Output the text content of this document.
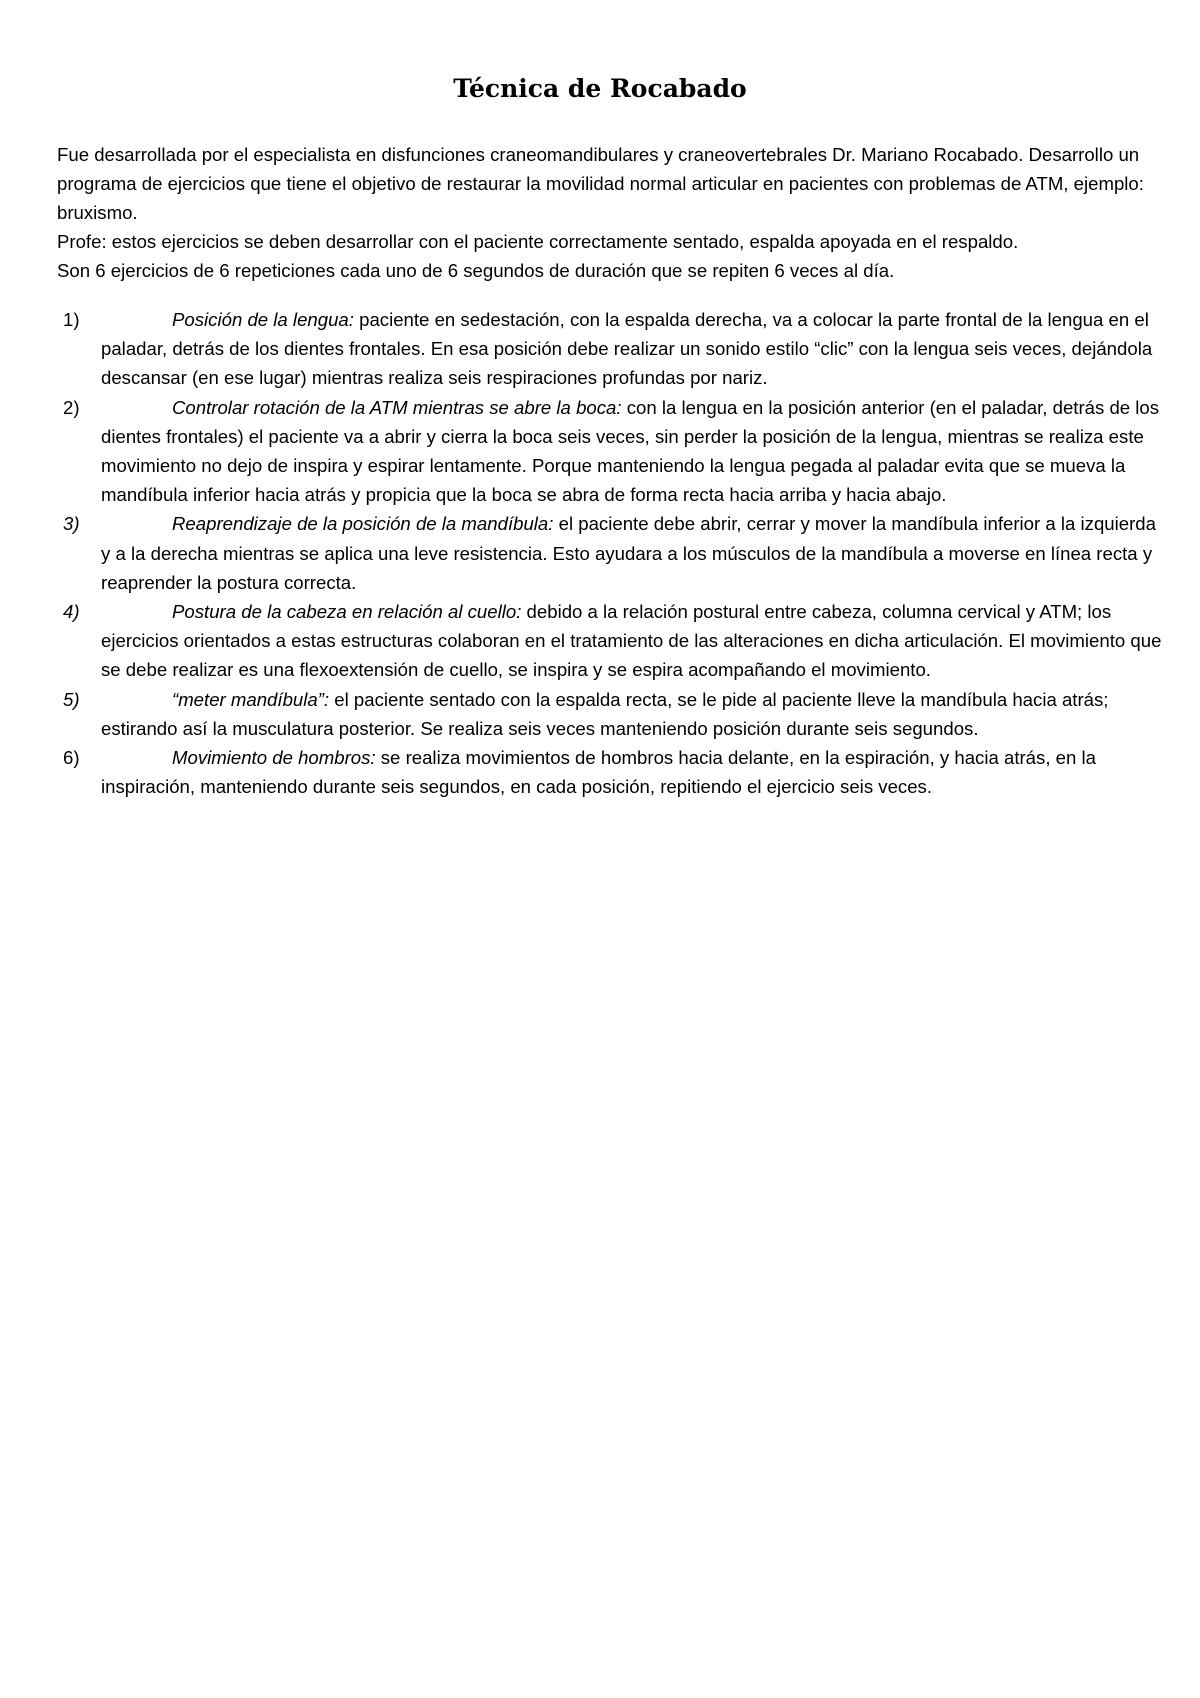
Técnica de Rocabado

Fue desarrollada por el especialista en disfunciones craneomandibulares y craneovertebrales Dr. Mariano Rocabado. Desarrollo un programa de ejercicios que tiene el objetivo de restaurar la movilidad normal articular en pacientes con problemas de ATM, ejemplo: bruxismo.

Profe: estos ejercicios se deben desarrollar con el paciente correctamente sentado, espalda apoyada en el respaldo.

Son 6 ejercicios de 6 repeticiones cada uno de 6 segundos de duración que se repiten 6 veces al día.

1)	Posición de la lengua: paciente en sedestación, con la espalda derecha, va a colocar la parte frontal de la lengua en el paladar, detrás de los dientes frontales. En esa posición debe realizar un sonido estilo “clic” con la lengua seis veces, dejándola descansar (en ese lugar) mientras realiza seis respiraciones profundas por nariz.
2)	Controlar rotación de la ATM mientras se abre la boca: con la lengua en la posición anterior (en el paladar, detrás de los dientes frontales) el paciente va a abrir y cierra la boca seis veces, sin perder la posición de la lengua, mientras se realiza este movimiento no dejo de inspira y espirar lentamente. Porque manteniendo la lengua pegada al paladar evita que se mueva la mandíbula inferior hacia atrás y propicia que la boca se abra de forma recta hacia arriba y hacia abajo.
3)	Reaprendizaje de la posición de la mandíbula: el paciente debe abrir, cerrar y mover la mandíbula inferior a la izquierda y a la derecha mientras se aplica una leve resistencia. Esto ayudara a los músculos de la mandíbula a moverse en línea recta y reaprender la postura correcta.
4)	Postura de la cabeza en relación al cuello: debido a la relación postural entre cabeza, columna cervical y ATM; los ejercicios orientados a estas estructuras colaboran en el tratamiento de las alteraciones en dicha articulación. El movimiento que se debe realizar es una flexoextensión de cuello, se inspira y se espira acompañando el movimiento.
5)	“meter mandíbula”: el paciente sentado con la espalda recta, se le pide al paciente lleve la mandíbula hacia atrás; estirando así la musculatura posterior. Se realiza seis veces manteniendo posición durante seis segundos.
6)	Movimiento de hombros: se realiza movimientos de hombros hacia delante, en la espiración, y hacia atrás, en la inspiración, manteniendo durante seis segundos, en cada posición, repitiendo el ejercicio seis veces.
